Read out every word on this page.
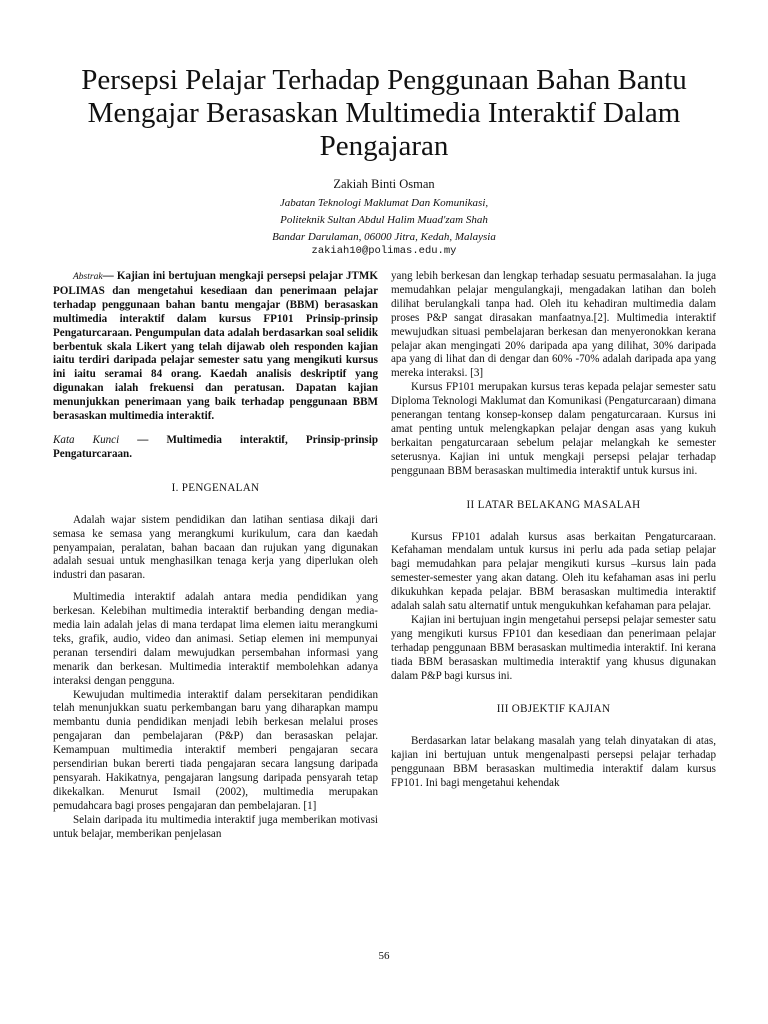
Persepsi Pelajar Terhadap Penggunaan Bahan Bantu Mengajar Berasaskan Multimedia Interaktif Dalam Pengajaran
Zakiah Binti Osman
Jabatan Teknologi Maklumat Dan Komunikasi,
Politeknik Sultan Abdul Halim Muad'zam Shah
Bandar Darulaman, 06000 Jitra, Kedah, Malaysia
zakiah10@polimas.edu.my

Abstrak— Kajian ini bertujuan mengkaji persepsi pelajar JTMK POLIMAS dan mengetahui kesediaan dan penerimaan pelajar terhadap penggunaan bahan bantu mengajar (BBM) berasaskan multimedia interaktif dalam kursus FP101 Prinsip-prinsip Pengaturcaraan. Pengumpulan data adalah berdasarkan soal selidik berbentuk skala Likert yang telah dijawab oleh responden kajian iaitu terdiri daripada pelajar semester satu yang mengikuti kursus ini iaitu seramai 84 orang. Kaedah analisis deskriptif yang digunakan ialah frekuensi dan peratusan. Dapatan kajian menunjukkan penerimaan yang baik terhadap penggunaan BBM berasaskan multimedia interaktif.

Kata Kunci — Multimedia interaktif, Prinsip-prinsip Pengaturcaraan.

I. PENGENALAN

Adalah wajar sistem pendidikan dan latihan sentiasa dikaji dari semasa ke semasa yang merangkumi kurikulum, cara dan kaedah penyampaian, peralatan, bahan bacaan dan rujukan yang digunakan adalah sesuai untuk menghasilkan tenaga kerja yang diperlukan oleh industri dan pasaran.

Multimedia interaktif adalah antara media pendidikan yang berkesan. Kelebihan multimedia interaktif berbanding dengan media-media lain adalah jelas di mana terdapat lima elemen iaitu merangkumi teks, grafik, audio, video dan animasi. Setiap elemen ini mempunyai peranan tersendiri dalam mewujudkan persembahan informasi yang menarik dan berkesan. Multimedia interaktif membolehkan adanya interaksi dengan pengguna.

Kewujudan multimedia interaktif dalam persekitaran pendidikan telah menunjukkan suatu perkembangan baru yang diharapkan mampu membantu dunia pendidikan menjadi lebih berkesan melalui proses pengajaran dan pembelajaran (P&P) dan berasaskan pelajar. Kemampuan multimedia interaktif memberi pengajaran secara persendirian bukan bererti tiada pengajaran secara langsung daripada pensyarah. Hakikatnya, pengajaran langsung daripada pensyarah tetap dikekalkan. Menurut Ismail (2002), multimedia merupakan pemudahcara bagi proses pengajaran dan pembelajaran. [1]

Selain daripada itu multimedia interaktif juga memberikan motivasi untuk belajar, memberikan penjelasan

yang lebih berkesan dan lengkap terhadap sesuatu permasalahan. Ia juga memudahkan pelajar mengulangkaji, mengadakan latihan dan boleh dilihat berulangkali tanpa had. Oleh itu kehadiran multimedia dalam proses P&P sangat dirasakan manfaatnya.[2]. Multimedia interaktif mewujudkan situasi pembelajaran berkesan dan menyeronokkan kerana pelajar akan mengingati 20% daripada apa yang dilihat, 30% daripada apa yang di lihat dan di dengar dan 60% -70% adalah daripada apa yang mereka interaksi. [3]

Kursus FP101 merupakan kursus teras kepada pelajar semester satu Diploma Teknologi Maklumat dan Komunikasi (Pengaturcaraan) dimana penerangan tentang konsep-konsep dalam pengaturcaraan. Kursus ini amat penting untuk melengkapkan pelajar dengan asas yang kukuh berkaitan pengaturcaraan sebelum pelajar melangkah ke semester seterusnya. Kajian ini untuk mengkaji persepsi pelajar terhadap penggunaan BBM berasaskan multimedia interaktif untuk kursus ini.

II LATAR BELAKANG MASALAH

Kursus FP101 adalah kursus asas berkaitan Pengaturcaraan. Kefahaman mendalam untuk kursus ini perlu ada pada setiap pelajar bagi memudahkan para pelajar mengikuti kursus –kursus lain pada semester-semester yang akan datang. Oleh itu kefahaman asas ini perlu dikukuhkan kepada pelajar. BBM berasaskan multimedia interaktif adalah salah satu alternatif untuk mengukuhkan kefahaman para pelajar.

Kajian ini bertujuan ingin mengetahui persepsi pelajar semester satu yang mengikuti kursus FP101 dan kesediaan dan penerimaan pelajar terhadap penggunaan BBM berasaskan multimedia interaktif. Ini kerana tiada BBM berasaskan multimedia interaktif yang khusus digunakan dalam P&P bagi kursus ini.

III OBJEKTIF KAJIAN

Berdasarkan latar belakang masalah yang telah dinyatakan di atas, kajian ini bertujuan untuk mengenalpasti persepsi pelajar terhadap penggunaan BBM berasaskan multimedia interaktif dalam kursus FP101. Ini bagi mengetahui kehendak

56
